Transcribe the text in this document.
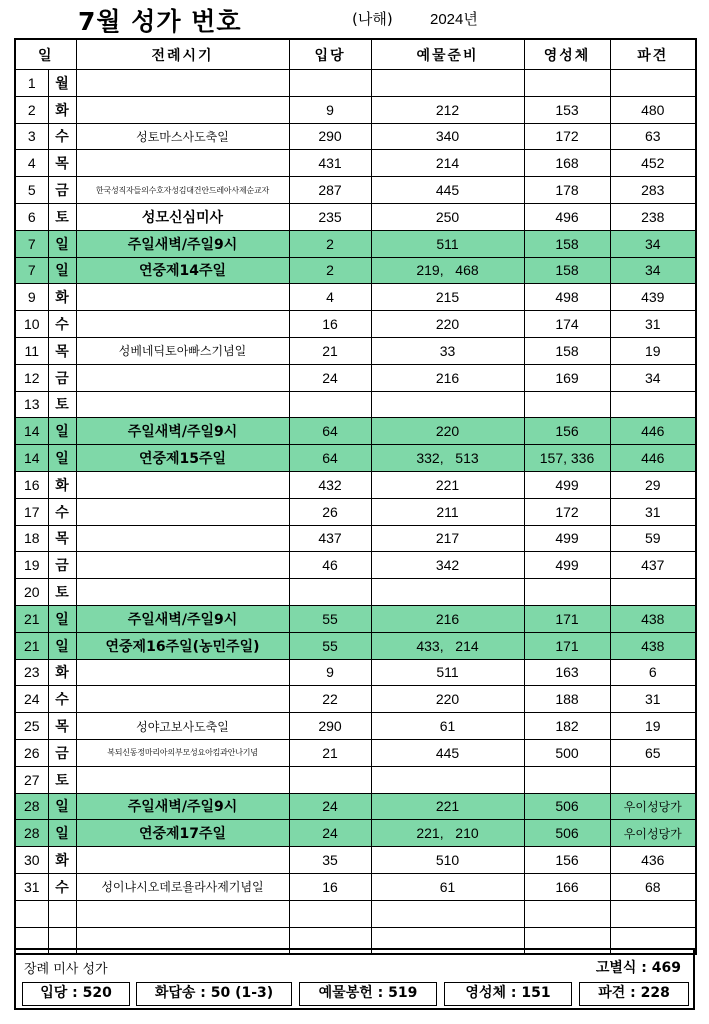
7월 성가 번호	(나해) 2024년
일		전례시기	입당	예물준비	영성체	파견
1	월					
2	화		9	212	153	480
3	수	성토마스사도축일	290	340	172	63
4	목		431	214	168	452
5	금	한국성직자들의수호자성김대건안드레아사제순교자	287	445	178	283
6	토	성모신심미사	235	250	496	238
7	일	주일새벽/주일9시	2	511	158	34
7	일	연중제14주일	2	219,   468	158	34
9	화		4	215	498	439
10	수		16	220	174	31
11	목	성베네딕토아빠스기념일	21	33	158	19
12	금		24	216	169	34
13	토					
14	일	주일새벽/주일9시	64	220	156	446
14	일	연중제15주일	64	332,   513	157, 336	446
16	화		432	221	499	29
17	수		26	211	172	31
18	목		437	217	499	59
19	금		46	342	499	437
20	토					
21	일	주일새벽/주일9시	55	216	171	438
21	일	연중제16주일(농민주일)	55	433,   214	171	438
23	화		9	511	163	6
24	수		22	220	188	31
25	목	성야고보사도축일	290	61	182	19
26	금	복되신동정마리아의부모성요아킴과안나기념	21	445	500	65
27	토					
28	일	주일새벽/주일9시	24	221	506	우이성당가
28	일	연중제17주일	24	221,   210	506	우이성당가
30	화		35	510	156	436
31	수	성이냐시오데로욜라사제기념일	16	61	166	68

장례 미사 성가	고별식 : 469
입당 : 520	화답송 : 50 (1-3)	예물봉헌 : 519	영성체 : 151	파견 : 228
